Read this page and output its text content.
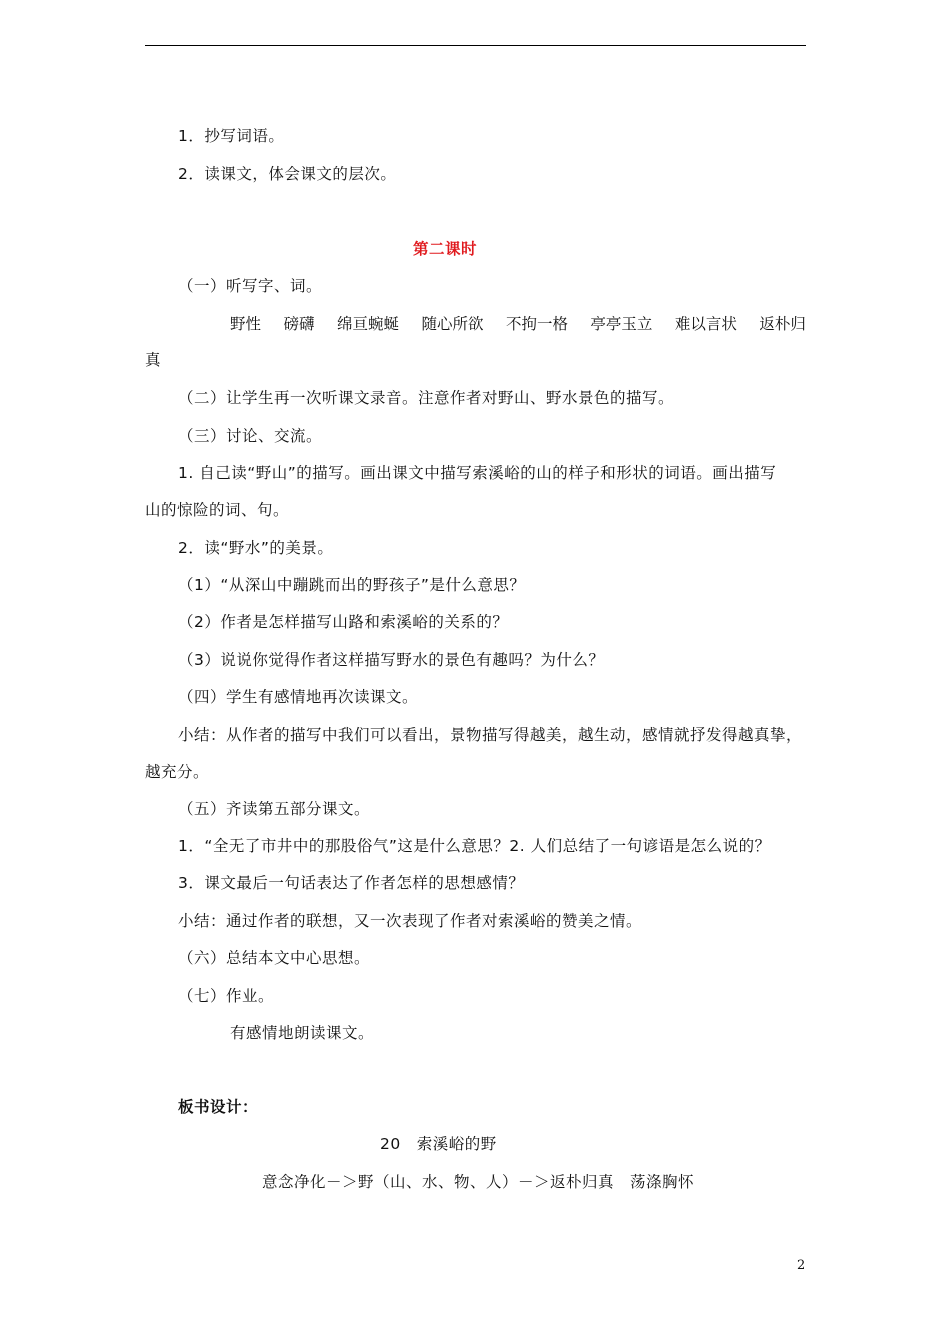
1．抄写词语。
2．读课文，体会课文的层次。
第二课时
（一）听写字、词。
野性 磅礴 绵亘蜿蜒 随心所欲 不拘一格 亭亭玉立 难以言状 返朴归
真
（二）让学生再一次听课文录音。注意作者对野山、野水景色的描写。
（三）讨论、交流。
1. 自己读“野山”的描写。画出课文中描写索溪峪的山的样子和形状的词语。画出描写
山的惊险的词、句。
2．读“野水”的美景。
（1）“从深山中蹦跳而出的野孩子”是什么意思？
（2）作者是怎样描写山路和索溪峪的关系的？
（3）说说你觉得作者这样描写野水的景色有趣吗？为什么？
（四）学生有感情地再次读课文。
小结：从作者的描写中我们可以看出，景物描写得越美，越生动，感情就抒发得越真挚，
越充分。
（五）齐读第五部分课文。
1．“全无了市井中的那股俗气”这是什么意思？2. 人们总结了一句谚语是怎么说的？
3．课文最后一句话表达了作者怎样的思想感情？
小结：通过作者的联想，又一次表现了作者对索溪峪的赞美之情。
（六）总结本文中心思想。
（七）作业。
有感情地朗读课文。
板书设计：
20　索溪峪的野
意念净化－＞野（山、水、物、人）－＞返朴归真　荡涤胸怀
2
